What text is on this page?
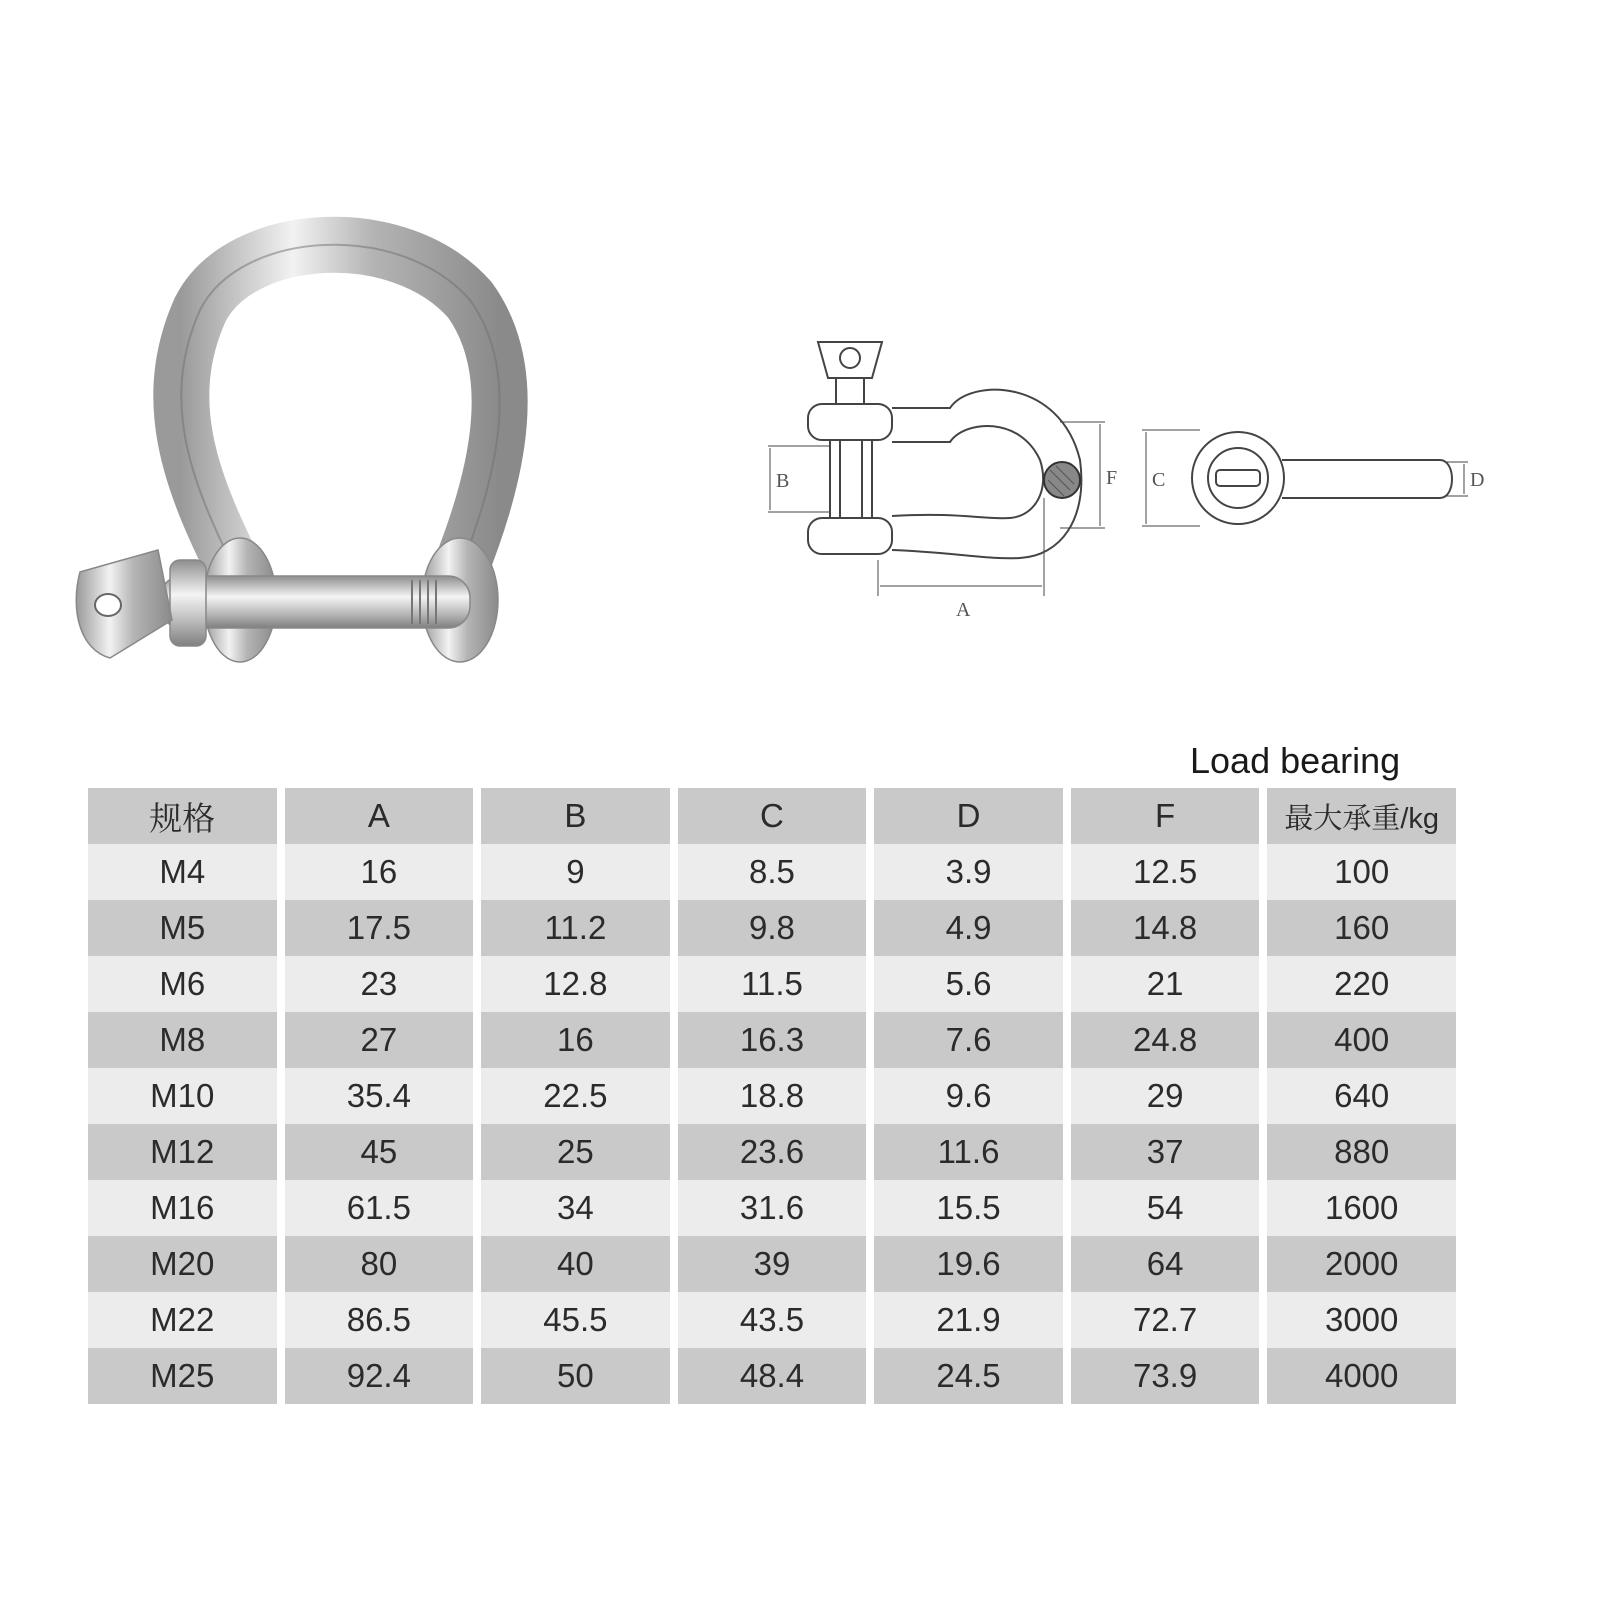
B	F
A
C	D
Load bearing
规格	A	B	C	D	F	最大承重/kg
M4	16	9	8.5	3.9	12.5	100
M5	17.5	11.2	9.8	4.9	14.8	160
M6	23	12.8	11.5	5.6	21	220
M8	27	16	16.3	7.6	24.8	400
M10	35.4	22.5	18.8	9.6	29	640
M12	45	25	23.6	11.6	37	880
M16	61.5	34	31.6	15.5	54	1600
M20	80	40	39	19.6	64	2000
M22	86.5	45.5	43.5	21.9	72.7	3000
M25	92.4	50	48.4	24.5	73.9	4000
